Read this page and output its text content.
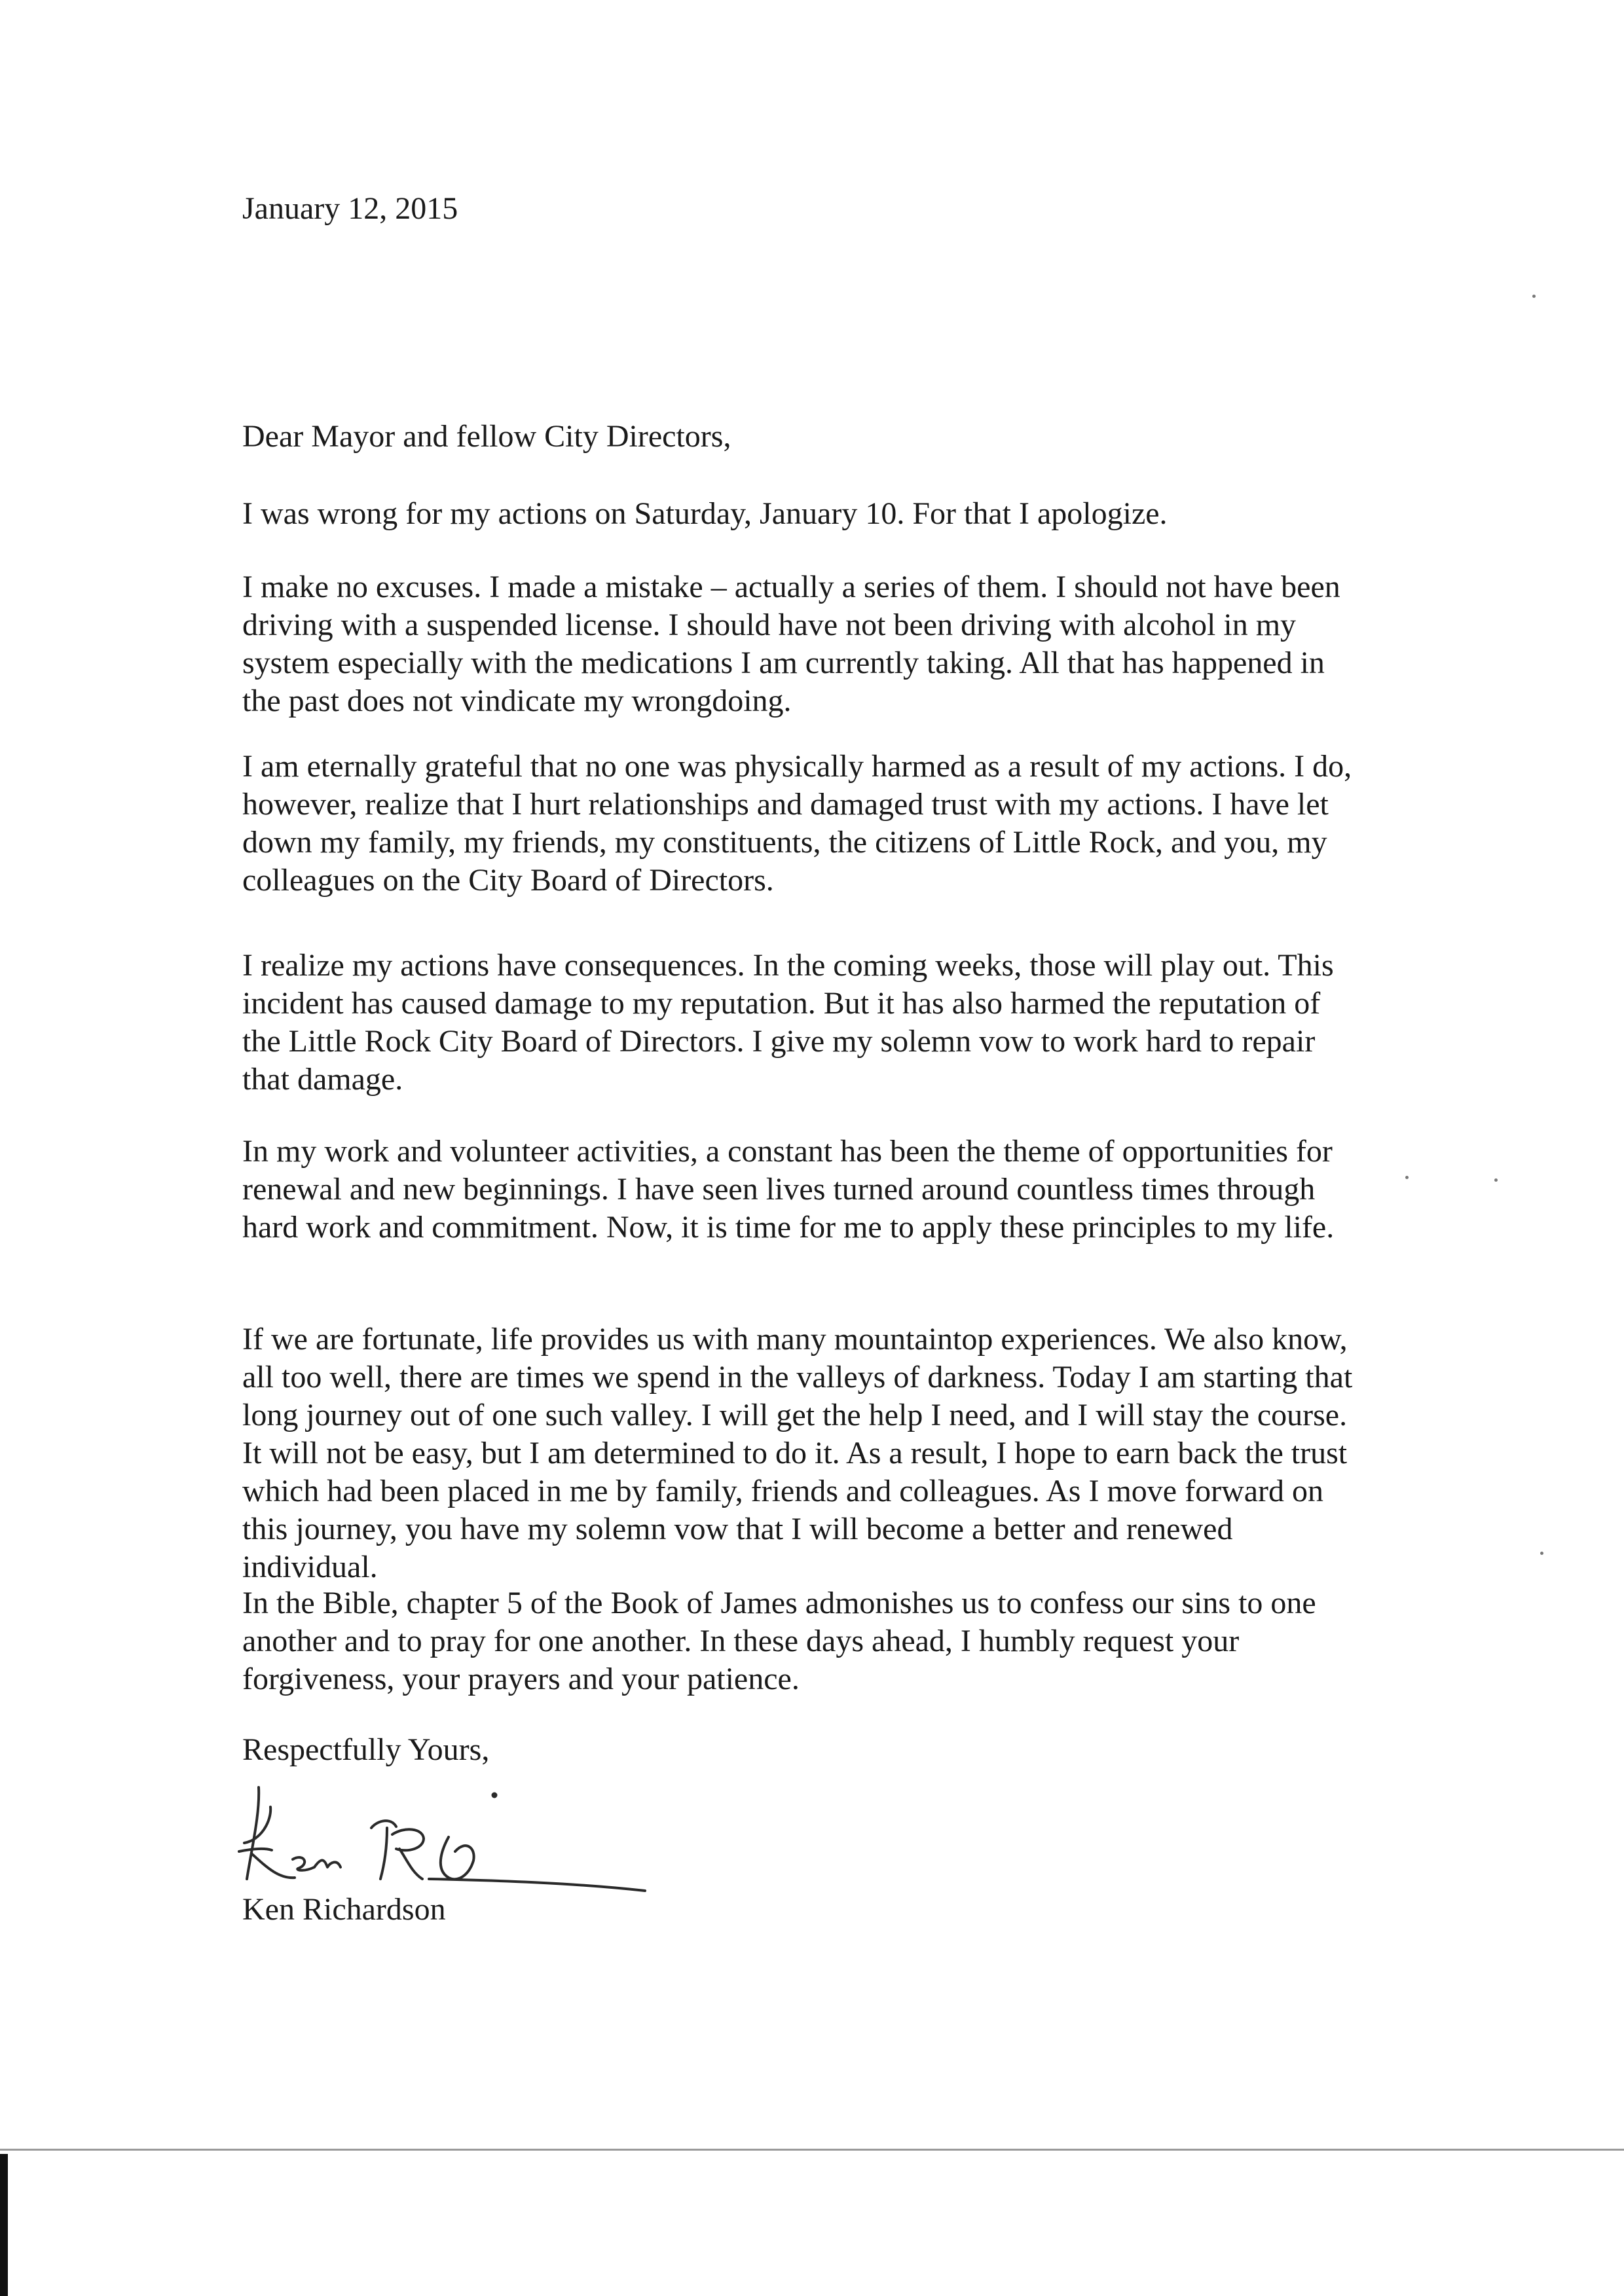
January 12, 2015
Dear Mayor and fellow City Directors,
I was wrong for my actions on Saturday, January 10. For that I apologize.
I make no excuses. I made a mistake – actually a series of them. I should not have been
driving with a suspended license. I should have not been driving with alcohol in my
system especially with the medications I am currently taking. All that has happened in
the past does not vindicate my wrongdoing.
I am eternally grateful that no one was physically harmed as a result of my actions. I do,
however, realize that I hurt relationships and damaged trust with my actions. I have let
down my family, my friends, my constituents, the citizens of Little Rock, and you, my
colleagues on the City Board of Directors.
I realize my actions have consequences. In the coming weeks, those will play out. This
incident has caused damage to my reputation. But it has also harmed the reputation of
the Little Rock City Board of Directors. I give my solemn vow to work hard to repair
that damage.
In my work and volunteer activities, a constant has been the theme of opportunities for
renewal and new beginnings. I have seen lives turned around countless times through
hard work and commitment. Now, it is time for me to apply these principles to my life.
If we are fortunate, life provides us with many mountaintop experiences. We also know,
all too well, there are times we spend in the valleys of darkness. Today I am starting that
long journey out of one such valley. I will get the help I need, and I will stay the course.
It will not be easy, but I am determined to do it. As a result, I hope to earn back the trust
which had been placed in me by family, friends and colleagues. As I move forward on
this journey, you have my solemn vow that I will become a better and renewed
individual.
In the Bible, chapter 5 of the Book of James admonishes us to confess our sins to one
another and to pray for one another. In these days ahead, I humbly request your
forgiveness, your prayers and your patience.
Respectfully Yours,
Ken Richardson
